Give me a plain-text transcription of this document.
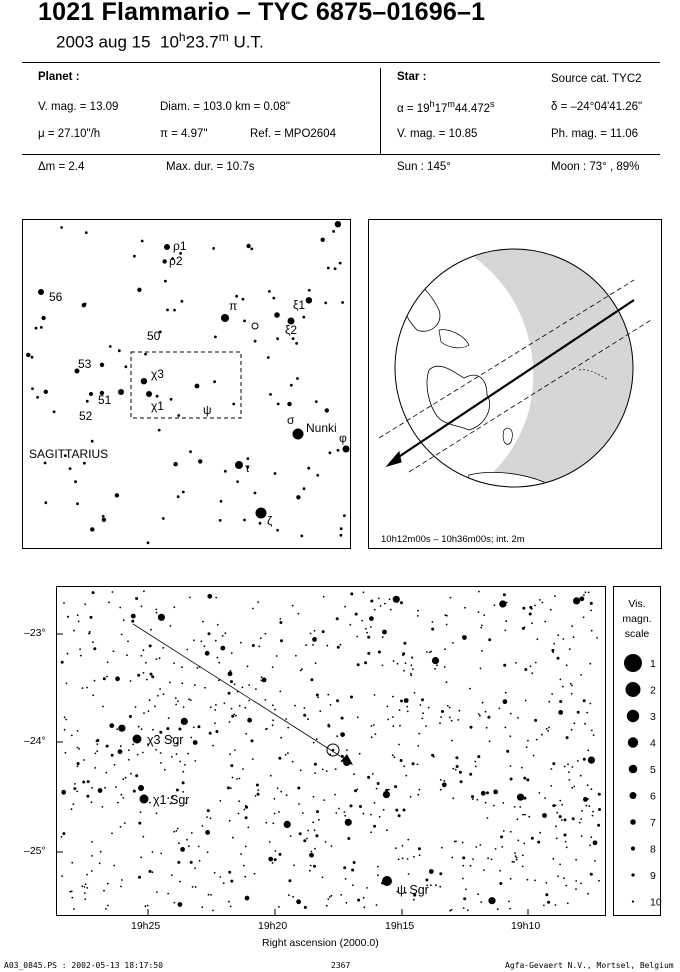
1021 Flammario – TYC 6875–01696–1
2003 aug 15 10$^h$23.7$^m$ U.T.
Planet :
V. mag. = 13.09	Diam. = 103.0 km = 0.08"
μ = 27.10"/h	π = 4.97"	Ref. = MPO2604
Δm = 2.4	Max. dur. = 10.7s
Star :	Source cat. TYC2
$\alpha = 19^h17^m44.472^s$	δ = –24°04'41.26"
V. mag. = 10.85	Ph. mag. = 11.06
Sun : 145°	Moon : 73° , 89%
ρ1
ρ2
56
π	ξ1
ξ2
50
53
χ3
χ1	ψ
51
52	σ
Nunki
φ
τ
ζ
SAGITTARIUS
10h12m00s – 10h36m00s; int. 2m
χ3 Sgr
χ1 Sgr
ψ Sgr
–23°
–24°
–25°
19h25	19h20	19h15	19h10
Right ascension (2000.0)
Vis.
magn.
scale
1
2
3
4
5
6
7
8
9
10
A03_0845.PS : 2002-05-13 18:17:50	2367	Agfa-Gevaert N.V., Mortsel, Belgium
